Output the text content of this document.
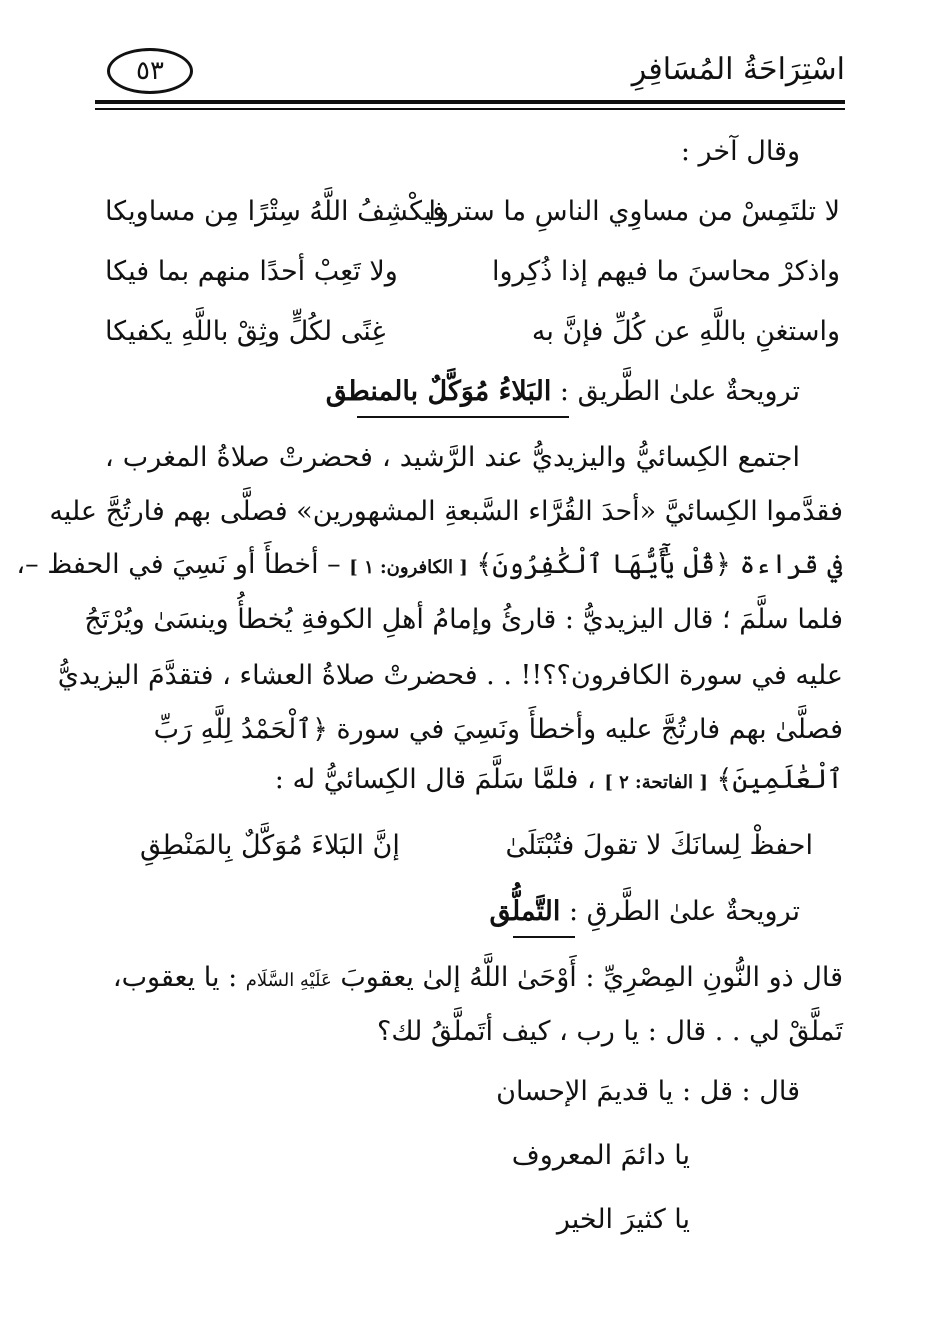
اسْتِرَاحَةُ المُسَافِرِ
٥٣
وقال آخر :
لا تلتَمِسْ من مساوِي الناسِ ما ستروا
فيكْشِفُ اللَّهُ سِتْرًا مِن مساويكا
واذكرْ محاسنَ ما فيهم إذا ذُكِروا
ولا تَعِبْ أحدًا منهم بما فيكا
واستغنِ باللَّهِ عن كُلِّ فإنَّ به
غِنًى لكُلٍّ وثِقْ باللَّهِ يكفيكا
ترويحةٌ علىٰ الطَّريق : البَلاءُ مُوَكَّلٌ بالمنطق
اجتمع الكِسائيُّ واليزيديُّ عند الرَّشيد ، فحضرتْ صلاةُ المغرب ،
فقدَّموا الكِسائيَّ «أحدَ القُرَّاء السَّبعةِ المشهورين» فصلَّى بهم فارتُجَّ عليه
في قراءة ﴿قُلْ يَٰٓأَيُّهَا ٱلْكَٰفِرُونَ﴾ [ الكافرون: ١ ] – أخطأَ أو نَسِيَ في الحفظ –،
فلما سلَّمَ ؛ قال اليزيديُّ : قارئُ وإمامُ أهلِ الكوفةِ يُخطأُ وينسَىٰ ويُرْتَجُ
عليه في سورة الكافرون؟؟!! . . فحضرتْ صلاةُ العشاء ، فتقدَّمَ اليزيديُّ
فصلَّىٰ بهم فارتُجَّ عليه وأخطأَ ونَسِيَ في سورة ﴿ٱلْحَمْدُ لِلَّهِ رَبِّ
ٱلْعَٰلَمِينَ﴾ [ الفاتحة: ٢ ] ، فلمَّا سَلَّمَ قال الكِسائيُّ له :
احفظْ لِسانَكَ لا تقولَ فتُبْتَلَىٰ
إنَّ البَلاءَ مُوَكَّلٌ بِالمَنْطِقِ
ترويحةٌ علىٰ الطَّرقِ : التَّملُّق
قال ذو النُّونِ المِصْرِيِّ : أَوْحَىٰ اللَّهُ إلىٰ يعقوبَ عَلَيْهِ السَّلَام : يا يعقوب،
تَملَّقْ لي . . قال : يا رب ، كيف أتَملَّقُ لك؟
قال : قل : يا قديمَ الإحسان
يا دائمَ المعروف
يا كثيرَ الخير
